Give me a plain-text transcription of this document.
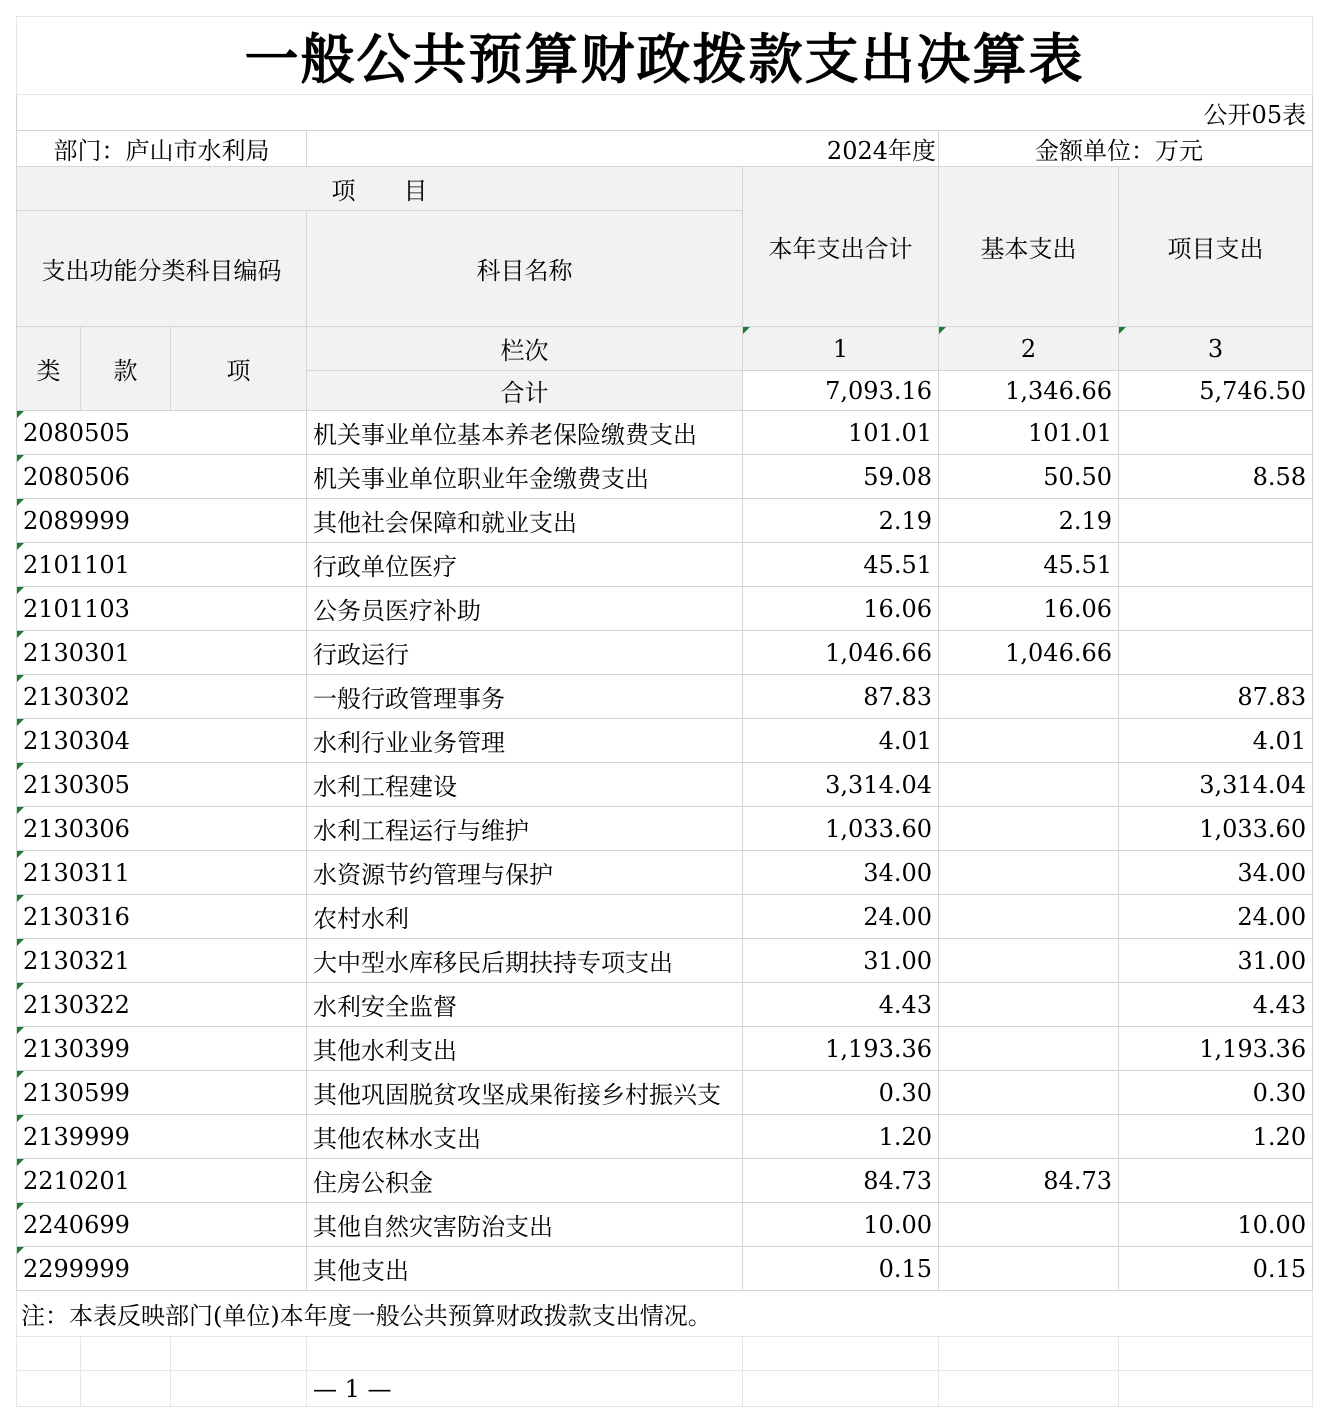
一般公共预算财政拨款支出决算表						
公开05表						
部门：庐山市水利局			2024年度		金额单位：万元	
项　　目				本年支出合计	基本支出	项目支出
支出功能分类科目编码			科目名称			
类	款	项	栏次	1	2	3
			合计	7,093.16	1,346.66	5,746.50
2080505			机关事业单位基本养老保险缴费支出	101.01	101.01	
2080506			机关事业单位职业年金缴费支出	59.08	50.50	8.58
2089999			其他社会保障和就业支出	2.19	2.19	
2101101			行政单位医疗	45.51	45.51	
2101103			公务员医疗补助	16.06	16.06	
2130301			行政运行	1,046.66	1,046.66	
2130302			一般行政管理事务	87.83		87.83
2130304			水利行业业务管理	4.01		4.01
2130305			水利工程建设	3,314.04		3,314.04
2130306			水利工程运行与维护	1,033.60		1,033.60
2130311			水资源节约管理与保护	34.00		34.00
2130316			农村水利	24.00		24.00
2130321			大中型水库移民后期扶持专项支出	31.00		31.00
2130322			水利安全监督	4.43		4.43
2130399			其他水利支出	1,193.36		1,193.36
2130599			其他巩固脱贫攻坚成果衔接乡村振兴支	0.30		0.30
2139999			其他农林水支出	1.20		1.20
2210201			住房公积金	84.73	84.73	
2240699			其他自然灾害防治支出	10.00		10.00
2299999			其他支出	0.15		0.15
注：本表反映部门(单位)本年度一般公共预算财政拨款支出情况。						

			— 1 —			
